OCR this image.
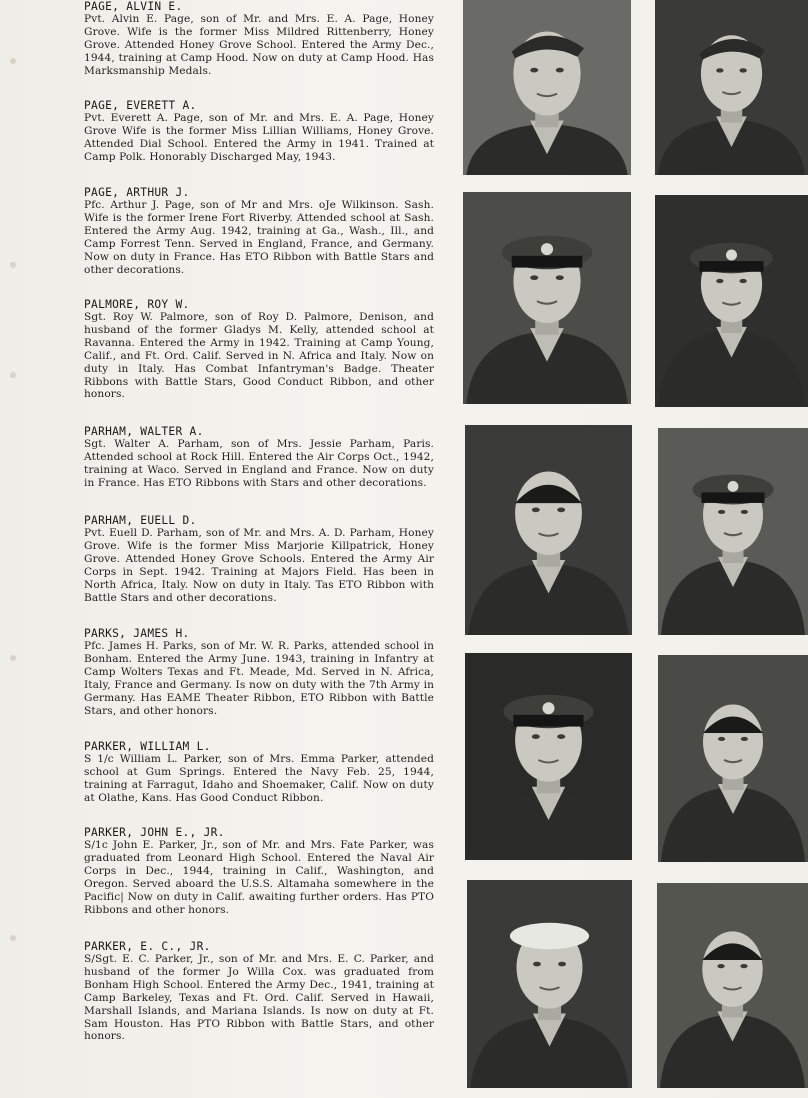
PAGE, ALVIN E.
Pvt. Alvin E. Page, son of Mr. and Mrs. E. A. Page, Honey Grove. Wife is the former Miss Mildred Rittenberry, Honey Grove. Attended Honey Grove School. Entered the Army Dec., 1944, training at Camp Hood. Now on duty at Camp Hood. Has Marksmanship Medals.
PAGE, EVERETT A.
Pvt. Everett A. Page, son of Mr. and Mrs. E. A. Page, Honey Grove Wife is the former Miss Lillian Williams, Honey Grove. Attended Dial School. Entered the Army in 1941. Trained at Camp Polk. Honorably Discharged May, 1943.
PAGE, ARTHUR J.
Pfc. Arthur J. Page, son of Mr and Mrs. oJe Wilkinson. Sash. Wife is the former Irene Fort Riverby. Attended school at Sash. Entered the Army Aug. 1942, training at Ga., Wash., Ill., and Camp Forrest Tenn. Served in England, France, and Germany. Now on duty in France. Has ETO Ribbon with Battle Stars and other decorations.
PALMORE, ROY W.
Sgt. Roy W. Palmore, son of Roy D. Palmore, Denison, and husband of the former Gladys M. Kelly, attended school at Ravanna. Entered the Army in 1942. Training at Camp Young, Calif., and Ft. Ord. Calif. Served in N. Africa and Italy. Now on duty in Italy. Has Combat Infantryman's Badge. Theater Ribbons with Battle Stars, Good Conduct Ribbon, and other honors.
PARHAM, WALTER A.
Sgt. Walter A. Parham, son of Mrs. Jessie Parham, Paris. Attended school at Rock Hill. Entered the Air Corps Oct., 1942, training at Waco. Served in England and France. Now on duty in France. Has ETO Ribbons with Stars and other decorations.
PARHAM, EUELL D.
Pvt. Euell D. Parham, son of Mr. and Mrs. A. D. Parham, Honey Grove. Wife is the former Miss Marjorie Killpatrick, Honey Grove. Attended Honey Grove Schools. Entered the Army Air Corps in Sept. 1942. Training at Majors Field. Has been in North Africa, Italy. Now on duty in Italy. Tas ETO Ribbon with Battle Stars and other decorations.
PARKS, JAMES H.
Pfc. James H. Parks, son of Mr. W. R. Parks, attended school in Bonham. Entered the Army June. 1943, training in Infantry at Camp Wolters Texas and Ft. Meade, Md. Served in N. Africa, Italy, France and Germany. Is now on duty with the 7th Army in Germany. Has EAME Theater Ribbon, ETO Ribbon with Battle Stars, and other honors.
PARKER, WILLIAM L.
S 1/c William L. Parker, son of Mrs. Emma Parker, attended school at Gum Springs. Entered the Navy Feb. 25, 1944, training at Farragut, Idaho and Shoemaker, Calif. Now on duty at Olathe, Kans. Has Good Conduct Ribbon.
PARKER, JOHN E., JR.
S/1c John E. Parker, Jr., son of Mr. and Mrs. Fate Parker, was graduated from Leonard High School. Entered the Naval Air Corps in Dec., 1944, training in Calif., Washington, and Oregon. Served aboard the U.S.S. Altamaha somewhere in the Pacific| Now on duty in Calif. awaiting further orders. Has PTO Ribbons and other honors.
PARKER, E. C., JR.
S/Sgt. E. C. Parker, Jr., son of Mr. and Mrs. E. C. Parker, and husband of the former Jo Willa Cox. was graduated from Bonham High School. Entered the Army Dec., 1941, training at Camp Barkeley, Texas and Ft. Ord. Calif. Served in Hawaii, Marshall Islands, and Mariana Islands. Is now on duty at Ft. Sam Houston. Has PTO Ribbon with Battle Stars, and other honors.
